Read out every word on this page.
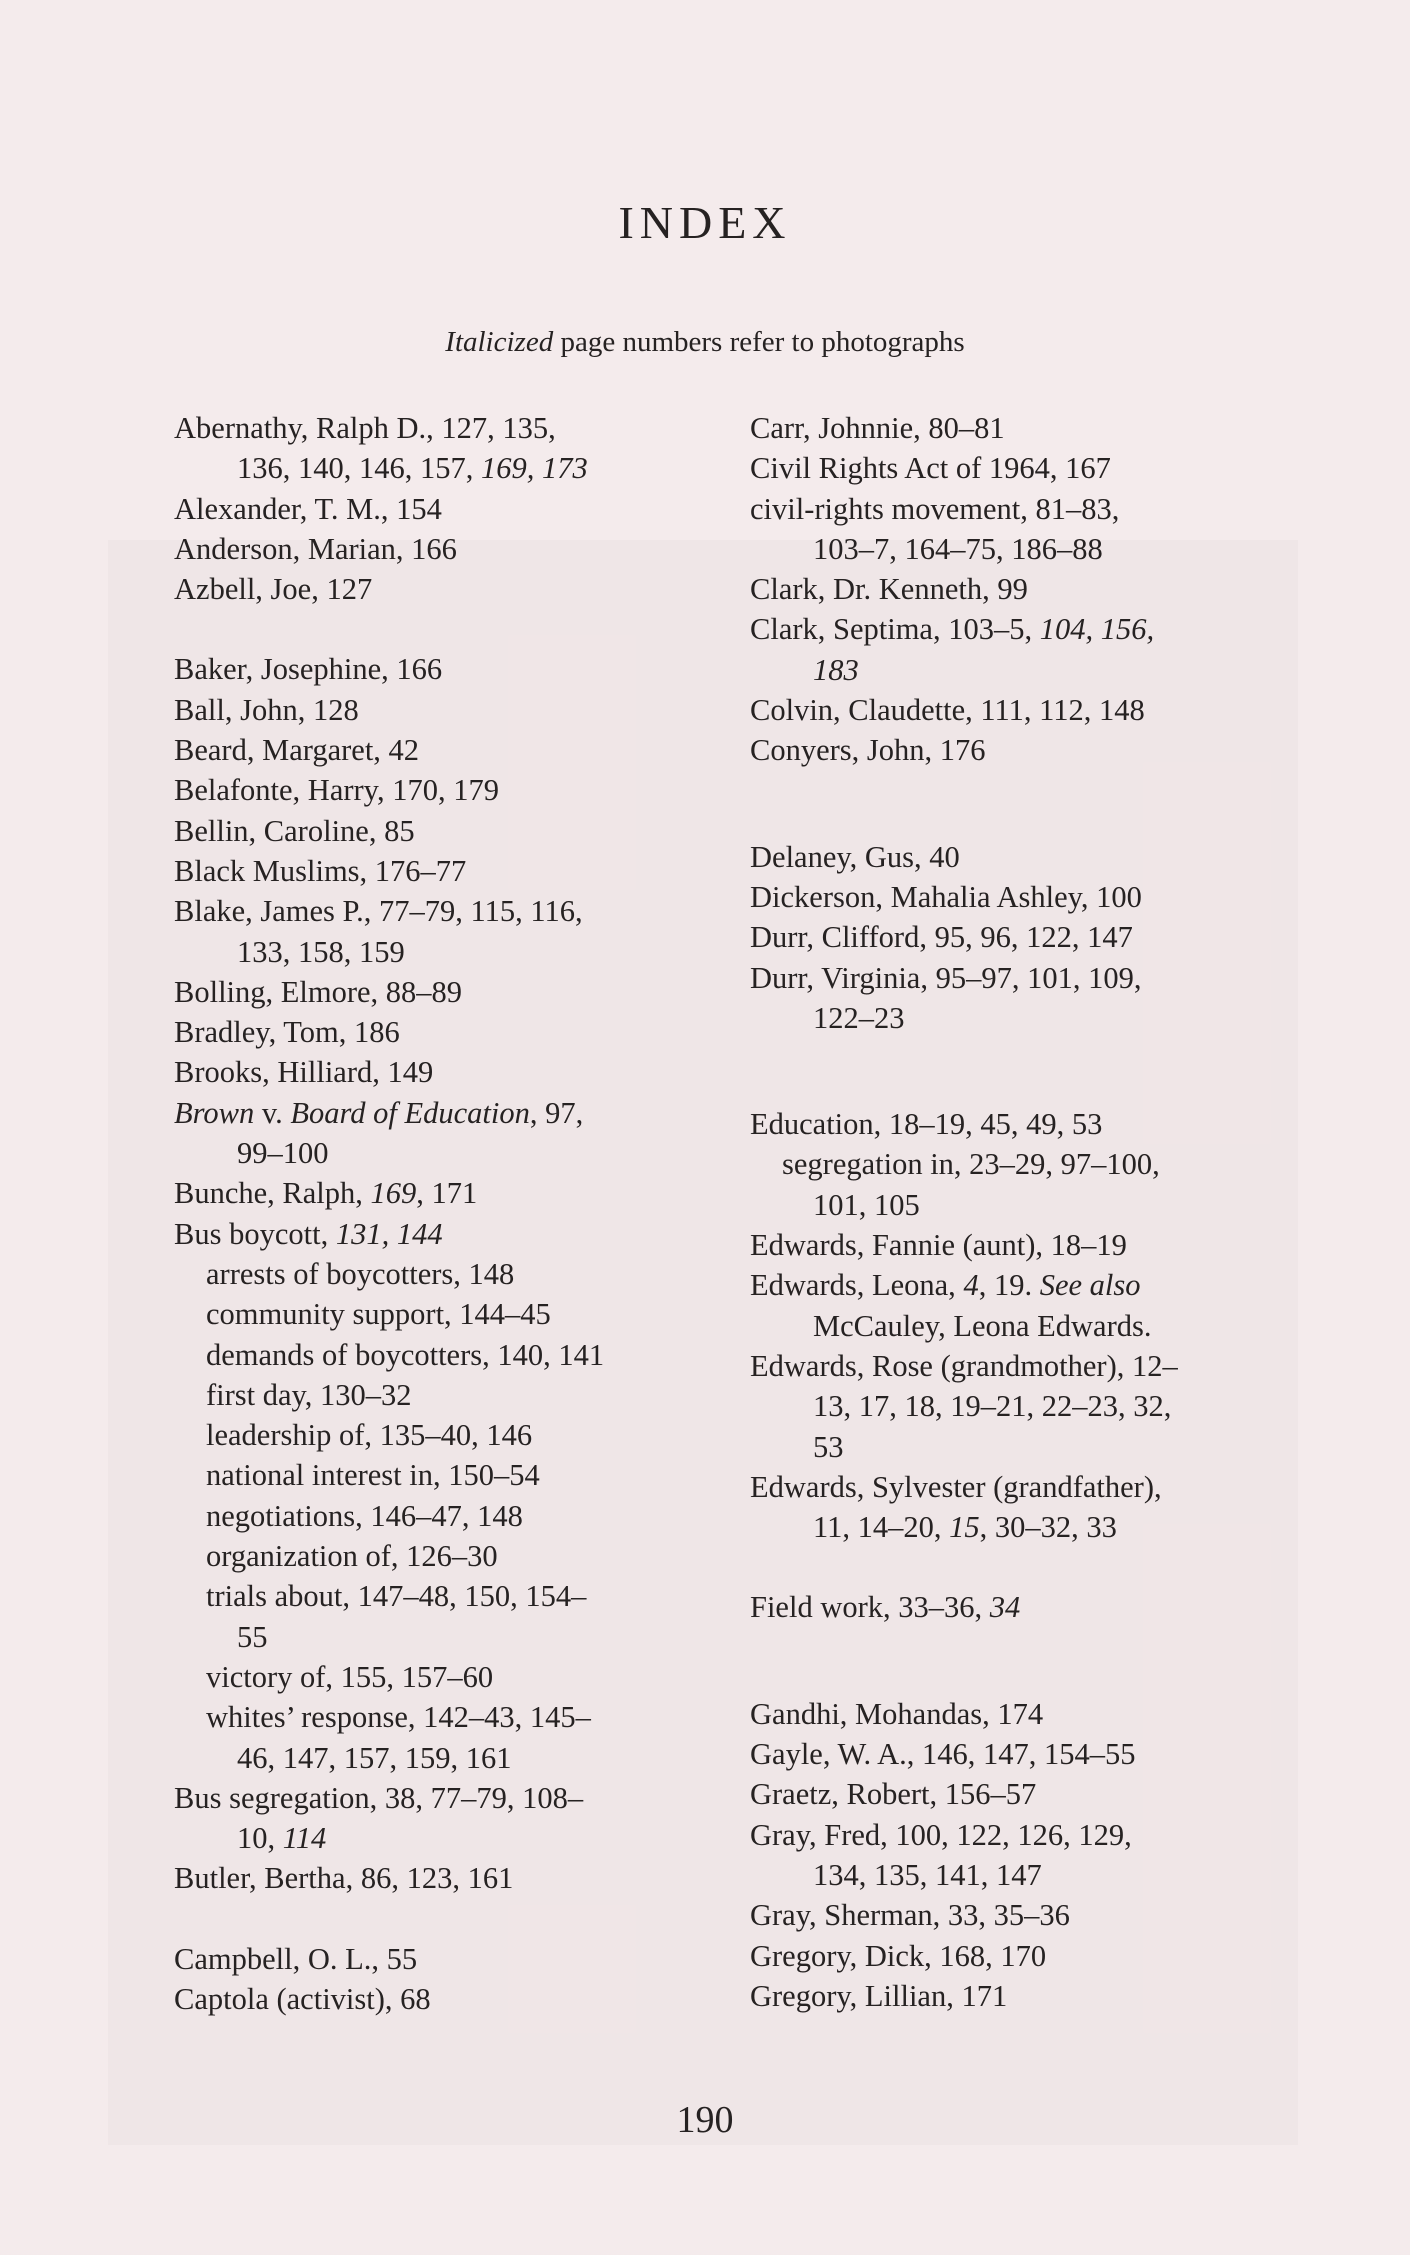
INDEX
Italicized page numbers refer to photographs
Abernathy, Ralph D., 127, 135,
136, 140, 146, 157, 169, 173
Alexander, T. M., 154
Anderson, Marian, 166
Azbell, Joe, 127
Baker, Josephine, 166
Ball, John, 128
Beard, Margaret, 42
Belafonte, Harry, 170, 179
Bellin, Caroline, 85
Black Muslims, 176–77
Blake, James P., 77–79, 115, 116,
133, 158, 159
Bolling, Elmore, 88–89
Bradley, Tom, 186
Brooks, Hilliard, 149
Brown v. Board of Education, 97,
99–100
Bunche, Ralph, 169, 171
Bus boycott, 131, 144
arrests of boycotters, 148
community support, 144–45
demands of boycotters, 140, 141
first day, 130–32
leadership of, 135–40, 146
national interest in, 150–54
negotiations, 146–47, 148
organization of, 126–30
trials about, 147–48, 150, 154–
55
victory of, 155, 157–60
whites’ response, 142–43, 145–
46, 147, 157, 159, 161
Bus segregation, 38, 77–79, 108–
10, 114
Butler, Bertha, 86, 123, 161
Campbell, O. L., 55
Captola (activist), 68
Carr, Johnnie, 80–81
Civil Rights Act of 1964, 167
civil-rights movement, 81–83,
103–7, 164–75, 186–88
Clark, Dr. Kenneth, 99
Clark, Septima, 103–5, 104, 156,
183
Colvin, Claudette, 111, 112, 148
Conyers, John, 176
Delaney, Gus, 40
Dickerson, Mahalia Ashley, 100
Durr, Clifford, 95, 96, 122, 147
Durr, Virginia, 95–97, 101, 109,
122–23
Education, 18–19, 45, 49, 53
segregation in, 23–29, 97–100,
101, 105
Edwards, Fannie (aunt), 18–19
Edwards, Leona, 4, 19. See also
McCauley, Leona Edwards.
Edwards, Rose (grandmother), 12–
13, 17, 18, 19–21, 22–23, 32,
53
Edwards, Sylvester (grandfather),
11, 14–20, 15, 30–32, 33
Field work, 33–36, 34
Gandhi, Mohandas, 174
Gayle, W. A., 146, 147, 154–55
Graetz, Robert, 156–57
Gray, Fred, 100, 122, 126, 129,
134, 135, 141, 147
Gray, Sherman, 33, 35–36
Gregory, Dick, 168, 170
Gregory, Lillian, 171
190
